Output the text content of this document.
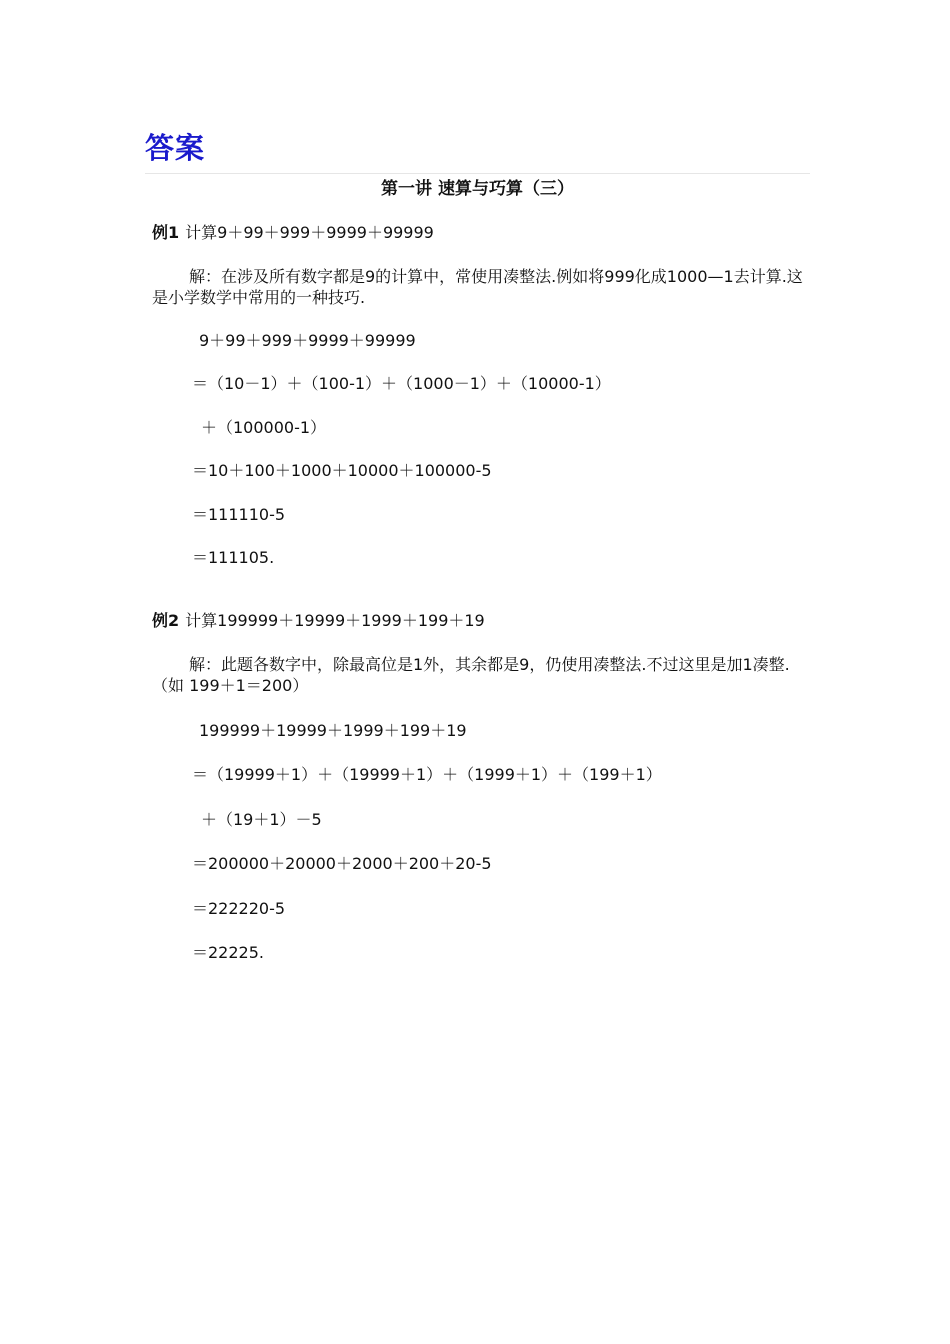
答案
第一讲 速算与巧算（三）
例1 计算9＋99＋999＋9999＋99999
解：在涉及所有数字都是9的计算中，常使用凑整法.例如将999化成1000—1去计算.这是小学数学中常用的一种技巧.
9＋99＋999＋9999＋99999
＝（10－1）＋（100-1）＋（1000－1）＋（10000-1）
＋（100000-1）
＝10＋100＋1000＋10000＋100000-5
＝111110-5
＝111105.
例2 计算199999＋19999＋1999＋199＋19
解：此题各数字中，除最高位是1外，其余都是9，仍使用凑整法.不过这里是加1凑整.（如 199＋1＝200）
199999＋19999＋1999＋199＋19
＝（19999＋1）＋（19999＋1）＋（1999＋1）＋（199＋1）
＋（19＋1）－5
＝200000＋20000＋2000＋200＋20-5
＝222220-5
＝22225.
